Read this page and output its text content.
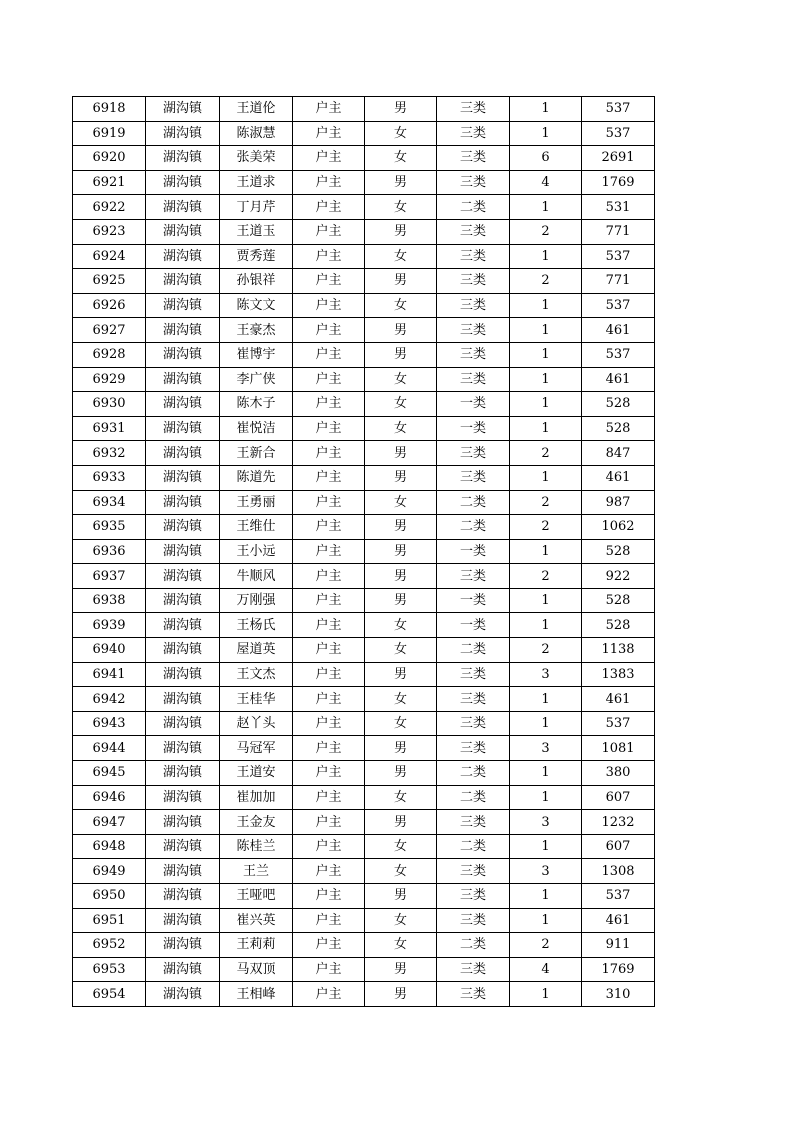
6918	湖沟镇	王道伦	户主	男	三类	1	537
6919	湖沟镇	陈淑慧	户主	女	三类	1	537
6920	湖沟镇	张美荣	户主	女	三类	6	2691
6921	湖沟镇	王道求	户主	男	三类	4	1769
6922	湖沟镇	丁月芹	户主	女	二类	1	531
6923	湖沟镇	王道玉	户主	男	三类	2	771
6924	湖沟镇	贾秀莲	户主	女	三类	1	537
6925	湖沟镇	孙银祥	户主	男	三类	2	771
6926	湖沟镇	陈文文	户主	女	三类	1	537
6927	湖沟镇	王豪杰	户主	男	三类	1	461
6928	湖沟镇	崔博宇	户主	男	三类	1	537
6929	湖沟镇	李广侠	户主	女	三类	1	461
6930	湖沟镇	陈木子	户主	女	一类	1	528
6931	湖沟镇	崔悦洁	户主	女	一类	1	528
6932	湖沟镇	王新合	户主	男	三类	2	847
6933	湖沟镇	陈道先	户主	男	三类	1	461
6934	湖沟镇	王勇丽	户主	女	二类	2	987
6935	湖沟镇	王维仕	户主	男	二类	2	1062
6936	湖沟镇	王小远	户主	男	一类	1	528
6937	湖沟镇	牛顺风	户主	男	三类	2	922
6938	湖沟镇	万刚强	户主	男	一类	1	528
6939	湖沟镇	王杨氏	户主	女	一类	1	528
6940	湖沟镇	屋道英	户主	女	二类	2	1138
6941	湖沟镇	王文杰	户主	男	三类	3	1383
6942	湖沟镇	王桂华	户主	女	三类	1	461
6943	湖沟镇	赵丫头	户主	女	三类	1	537
6944	湖沟镇	马冠军	户主	男	三类	3	1081
6945	湖沟镇	王道安	户主	男	二类	1	380
6946	湖沟镇	崔加加	户主	女	二类	1	607
6947	湖沟镇	王金友	户主	男	三类	3	1232
6948	湖沟镇	陈桂兰	户主	女	二类	1	607
6949	湖沟镇	王兰	户主	女	三类	3	1308
6950	湖沟镇	王哑吧	户主	男	三类	1	537
6951	湖沟镇	崔兴英	户主	女	三类	1	461
6952	湖沟镇	王莉莉	户主	女	二类	2	911
6953	湖沟镇	马双顶	户主	男	三类	4	1769
6954	湖沟镇	王相峰	户主	男	三类	1	310
